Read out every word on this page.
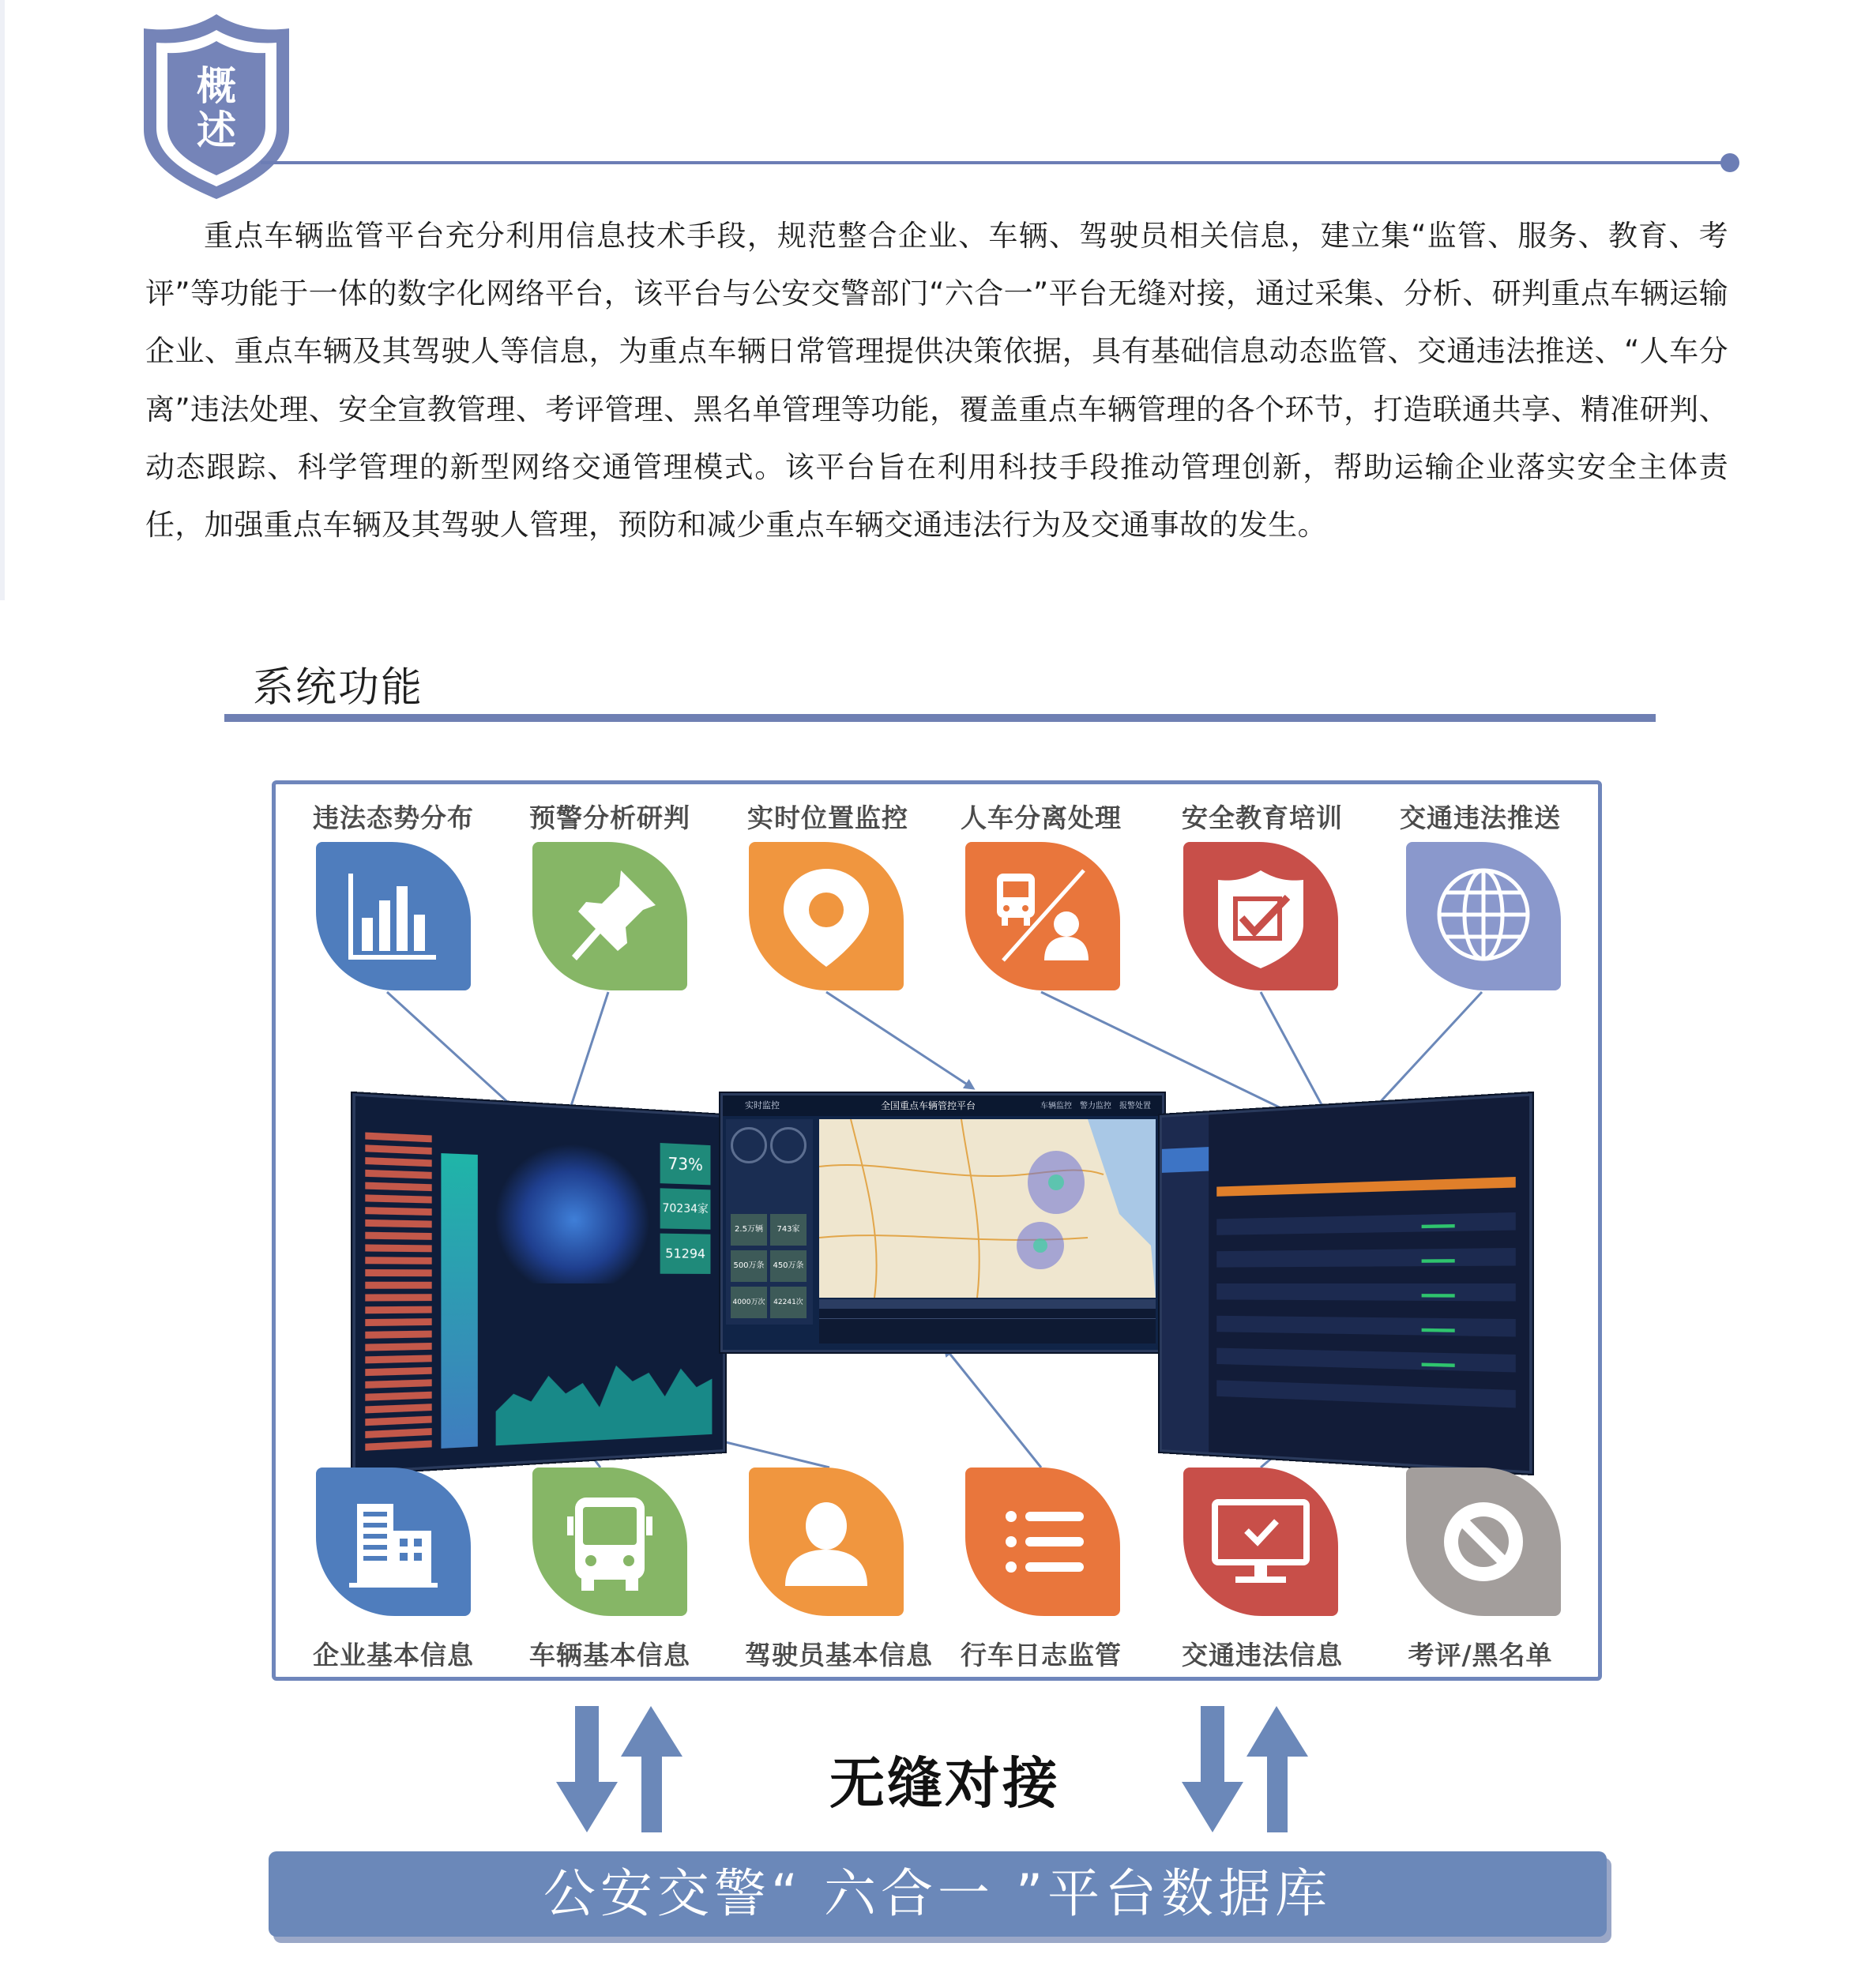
概
述

重点车辆监管平台充分利用信息技术手段，规范整合企业、车辆、驾驶员相关信息，建立集“监管、服务、教育、考评”等功能于一体的数字化网络平台，该平台与公安交警部门“六合一”平台无缝对接，通过采集、分析、研判重点车辆运输企业、重点车辆及其驾驶人等信息，为重点车辆日常管理提供决策依据，具有基础信息动态监管、交通违法推送、“人车分离”违法处理、安全宣教管理、考评管理、黑名单管理等功能，覆盖重点车辆管理的各个环节，打造联通共享、精准研判、动态跟踪、科学管理的新型网络交通管理模式。该平台旨在利用科技手段推动管理创新，帮助运输企业落实安全主体责任，加强重点车辆及其驾驶人管理，预防和减少重点车辆交通违法行为及交通事故的发生。

系统功能
违法态势分布	预警分析研判	实时位置监控	人车分离处理	安全教育培训	交通违法推送
73%
70234家
51294
实时监控	全国重点车辆管控平台	车辆监控 警力监控 报警处置
2.5万辆	743家
500万条	450万条
4000万次	42241次
企业基本信息	车辆基本信息	驾驶员基本信息	行车日志监管	交通违法信息	考评/黑名单
无缝对接
公安交警“ 六合一 ”平台数据库
